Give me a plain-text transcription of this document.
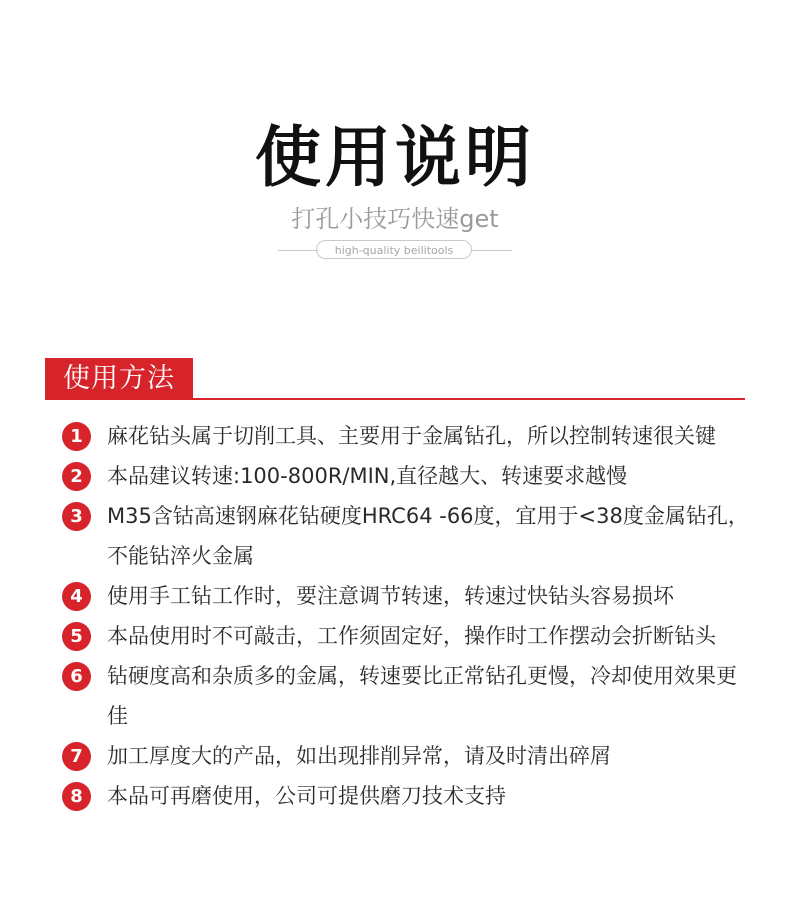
使用说明
打孔小技巧快速get
high-quality beilitools
使用方法
1	麻花钻头属于切削工具、主要用于金属钻孔，所以控制转速很关键
2	本品建议转速:100-800R/MIN,直径越大、转速要求越慢
3	M35含钴高速钢麻花钻硬度HRC64 -66度，宜用于<38度金属钻孔，不能钻淬火金属
4	使用手工钻工作时，要注意调节转速，转速过快钻头容易损坏
5	本品使用时不可敲击，工作须固定好，操作时工作摆动会折断钻头
6	钻硬度高和杂质多的金属，转速要比正常钻孔更慢，冷却使用效果更佳
7	加工厚度大的产品，如出现排削异常，请及时清出碎屑
8	本品可再磨使用，公司可提供磨刀技术支持
